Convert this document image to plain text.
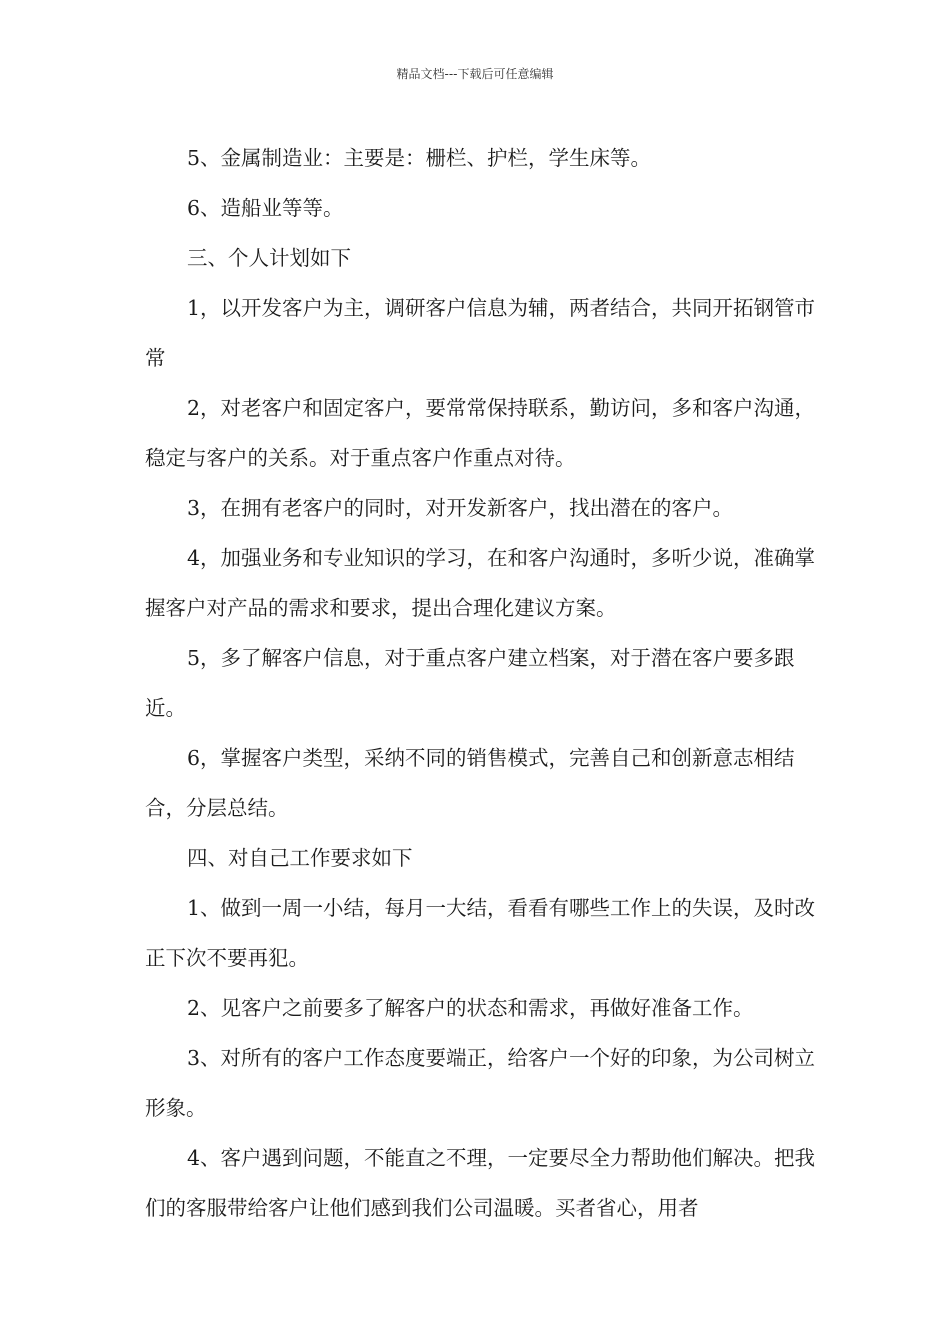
精品文档---下载后可任意编辑

5、金属制造业：主要是：栅栏、护栏，学生床等。

6、造船业等等。

三、个人计划如下

1，以开发客户为主，调研客户信息为辅，两者结合，共同开拓钢管市常

2，对老客户和固定客户，要常常保持联系，勤访问，多和客户沟通，稳定与客户的关系。对于重点客户作重点对待。

3，在拥有老客户的同时，对开发新客户，找出潜在的客户。

4，加强业务和专业知识的学习，在和客户沟通时，多听少说，准确掌握客户对产品的需求和要求，提出合理化建议方案。

5，多了解客户信息，对于重点客户建立档案，对于潜在客户要多跟近。

6，掌握客户类型，采纳不同的销售模式，完善自己和创新意志相结合，分层总结。

四、对自己工作要求如下

1、做到一周一小结，每月一大结，看看有哪些工作上的失误，及时改正下次不要再犯。

2、见客户之前要多了解客户的状态和需求，再做好准备工作。

3、对所有的客户工作态度要端正，给客户一个好的印象，为公司树立形象。

4、客户遇到问题，不能直之不理，一定要尽全力帮助他们解决。把我们的客服带给客户让他们感到我们公司温暖。买者省心，用者
